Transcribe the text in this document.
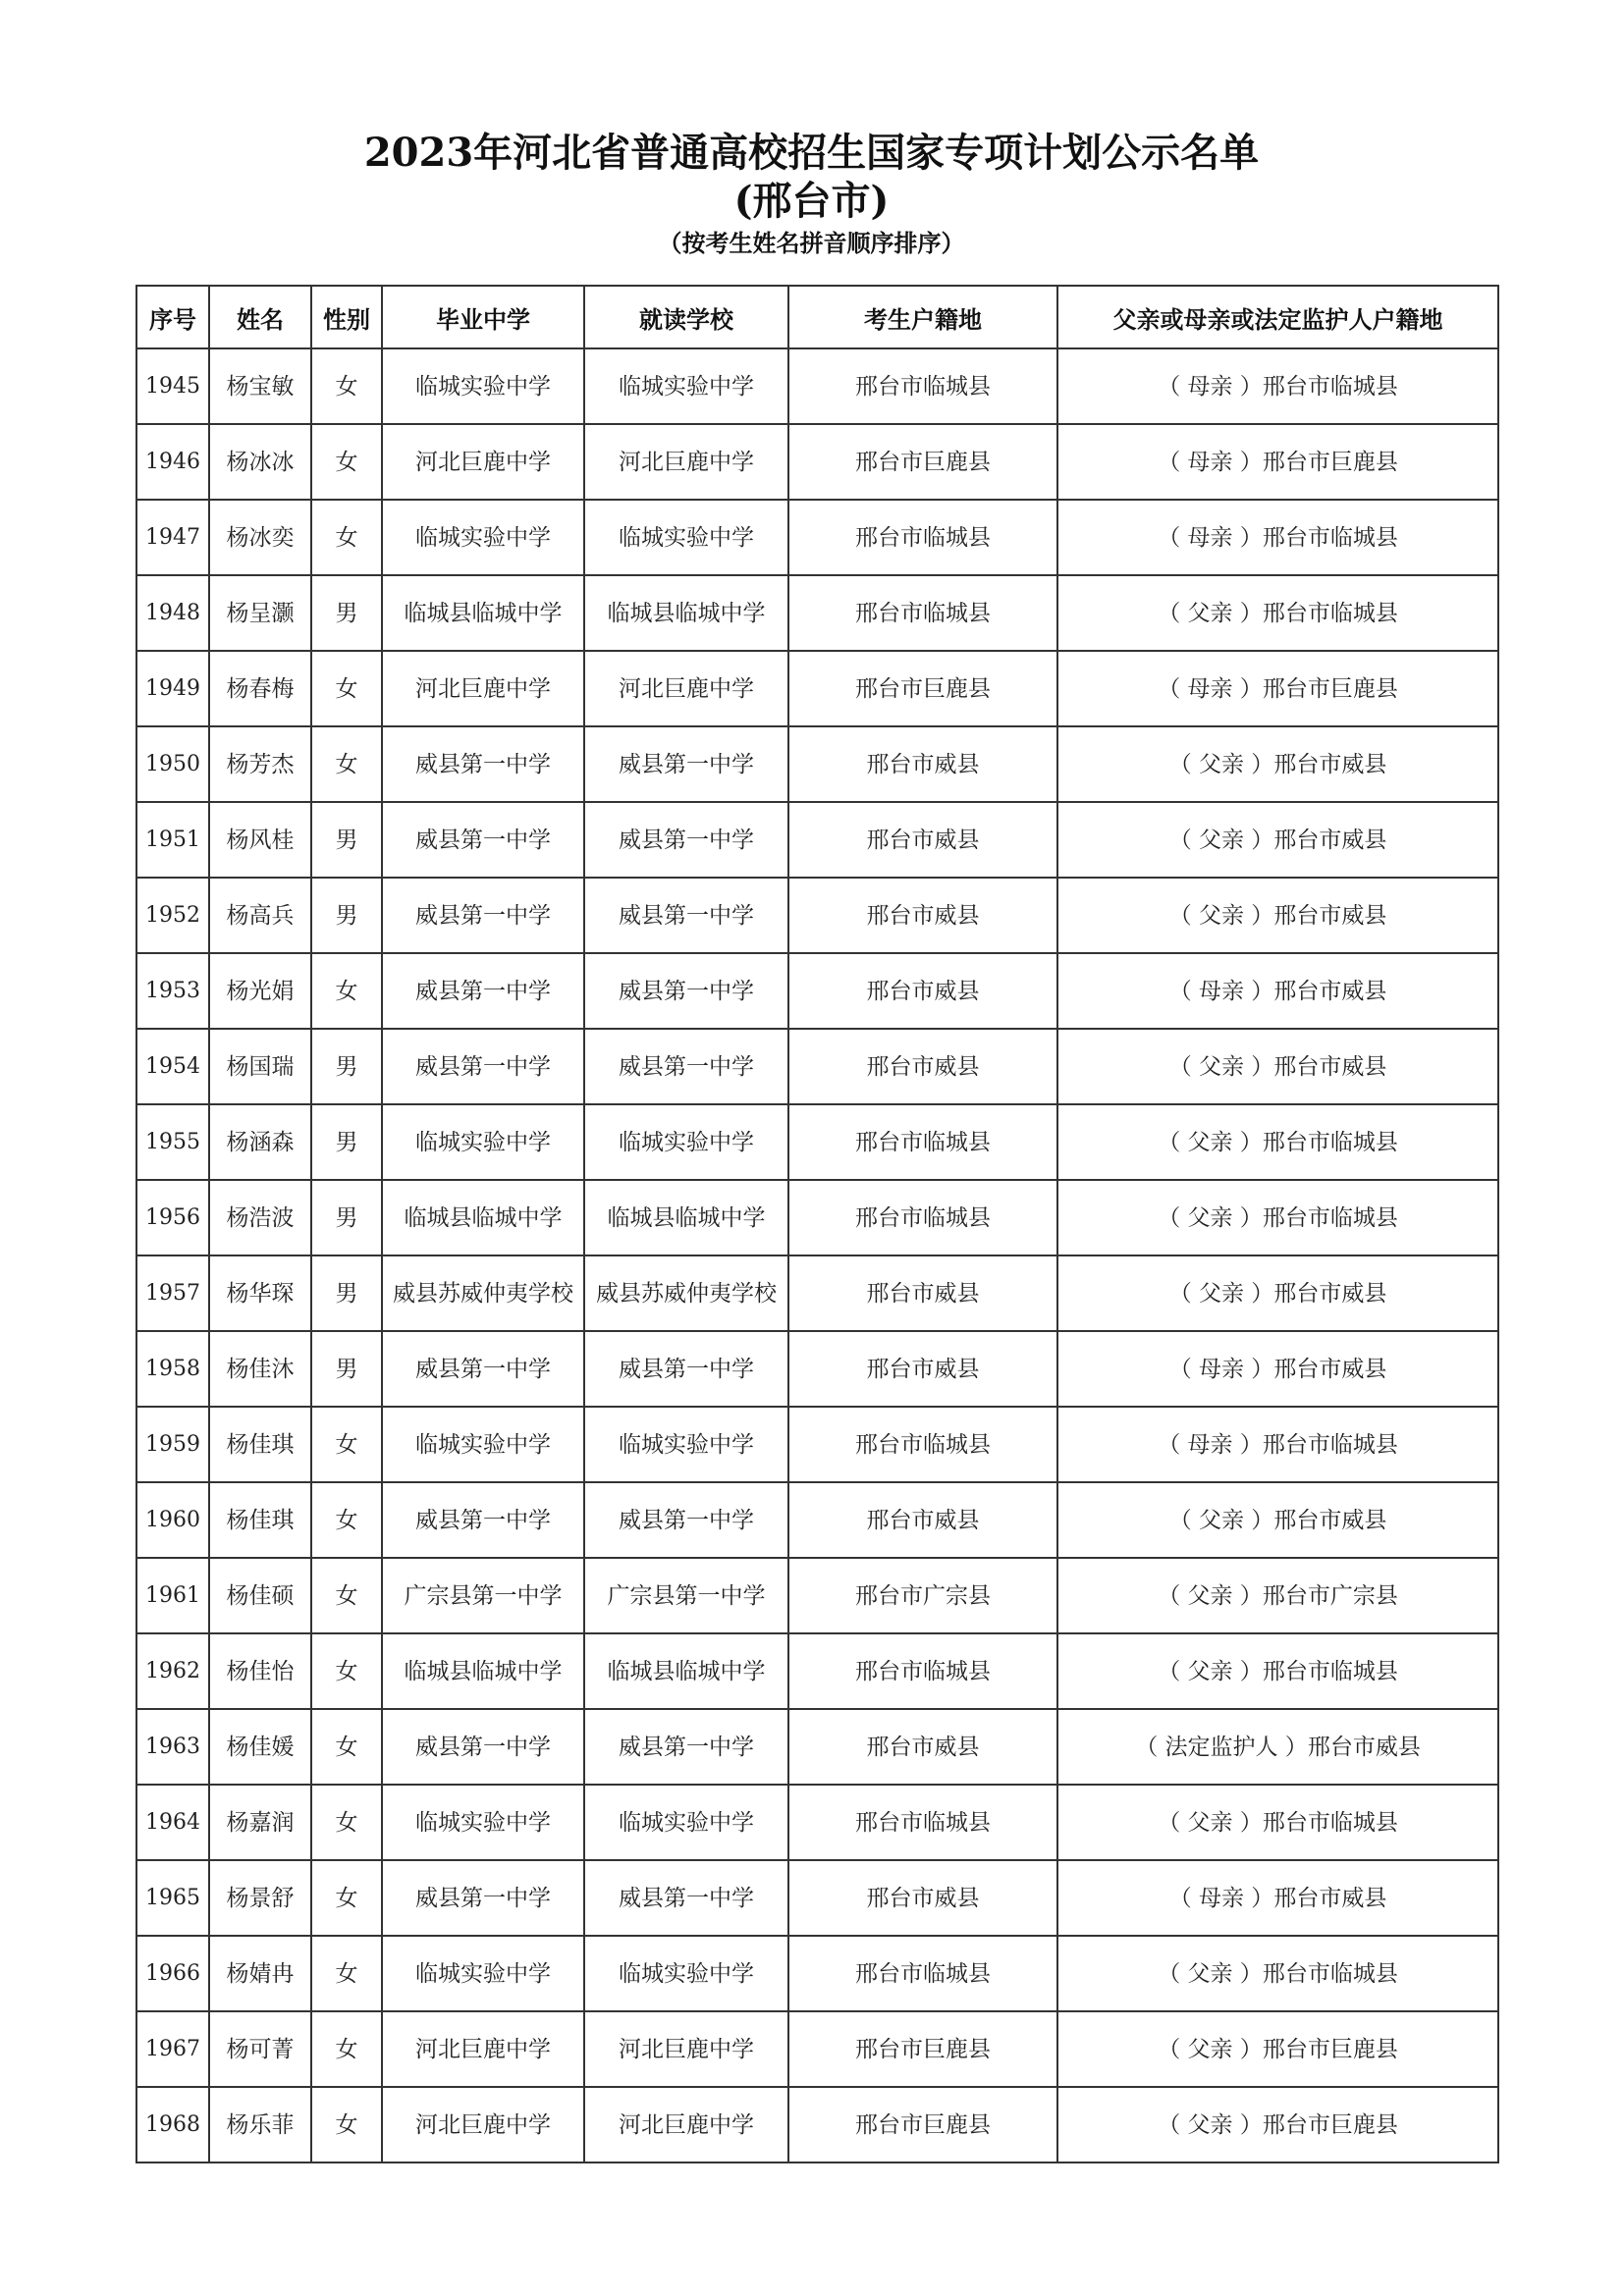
2023年河北省普通高校招生国家专项计划公示名单
(邢台市)
（按考生姓名拼音顺序排序）
序号	姓名	性别	毕业中学	就读学校	考生户籍地	父亲或母亲或法定监护人户籍地
1945	杨宝敏	女	临城实验中学	临城实验中学	邢台市临城县	（ 母亲 ）邢台市临城县
1946	杨冰冰	女	河北巨鹿中学	河北巨鹿中学	邢台市巨鹿县	（ 母亲 ）邢台市巨鹿县
1947	杨冰奕	女	临城实验中学	临城实验中学	邢台市临城县	（ 母亲 ）邢台市临城县
1948	杨呈灏	男	临城县临城中学	临城县临城中学	邢台市临城县	（ 父亲 ）邢台市临城县
1949	杨春梅	女	河北巨鹿中学	河北巨鹿中学	邢台市巨鹿县	（ 母亲 ）邢台市巨鹿县
1950	杨芳杰	女	威县第一中学	威县第一中学	邢台市威县	（ 父亲 ）邢台市威县
1951	杨风桂	男	威县第一中学	威县第一中学	邢台市威县	（ 父亲 ）邢台市威县
1952	杨高兵	男	威县第一中学	威县第一中学	邢台市威县	（ 父亲 ）邢台市威县
1953	杨光娟	女	威县第一中学	威县第一中学	邢台市威县	（ 母亲 ）邢台市威县
1954	杨国瑞	男	威县第一中学	威县第一中学	邢台市威县	（ 父亲 ）邢台市威县
1955	杨涵森	男	临城实验中学	临城实验中学	邢台市临城县	（ 父亲 ）邢台市临城县
1956	杨浩波	男	临城县临城中学	临城县临城中学	邢台市临城县	（ 父亲 ）邢台市临城县
1957	杨华琛	男	威县苏威仲夷学校	威县苏威仲夷学校	邢台市威县	（ 父亲 ）邢台市威县
1958	杨佳沐	男	威县第一中学	威县第一中学	邢台市威县	（ 母亲 ）邢台市威县
1959	杨佳琪	女	临城实验中学	临城实验中学	邢台市临城县	（ 母亲 ）邢台市临城县
1960	杨佳琪	女	威县第一中学	威县第一中学	邢台市威县	（ 父亲 ）邢台市威县
1961	杨佳硕	女	广宗县第一中学	广宗县第一中学	邢台市广宗县	（ 父亲 ）邢台市广宗县
1962	杨佳怡	女	临城县临城中学	临城县临城中学	邢台市临城县	（ 父亲 ）邢台市临城县
1963	杨佳媛	女	威县第一中学	威县第一中学	邢台市威县	（ 法定监护人 ）邢台市威县
1964	杨嘉润	女	临城实验中学	临城实验中学	邢台市临城县	（ 父亲 ）邢台市临城县
1965	杨景舒	女	威县第一中学	威县第一中学	邢台市威县	（ 母亲 ）邢台市威县
1966	杨婧冉	女	临城实验中学	临城实验中学	邢台市临城县	（ 父亲 ）邢台市临城县
1967	杨可菁	女	河北巨鹿中学	河北巨鹿中学	邢台市巨鹿县	（ 父亲 ）邢台市巨鹿县
1968	杨乐菲	女	河北巨鹿中学	河北巨鹿中学	邢台市巨鹿县	（ 父亲 ）邢台市巨鹿县
